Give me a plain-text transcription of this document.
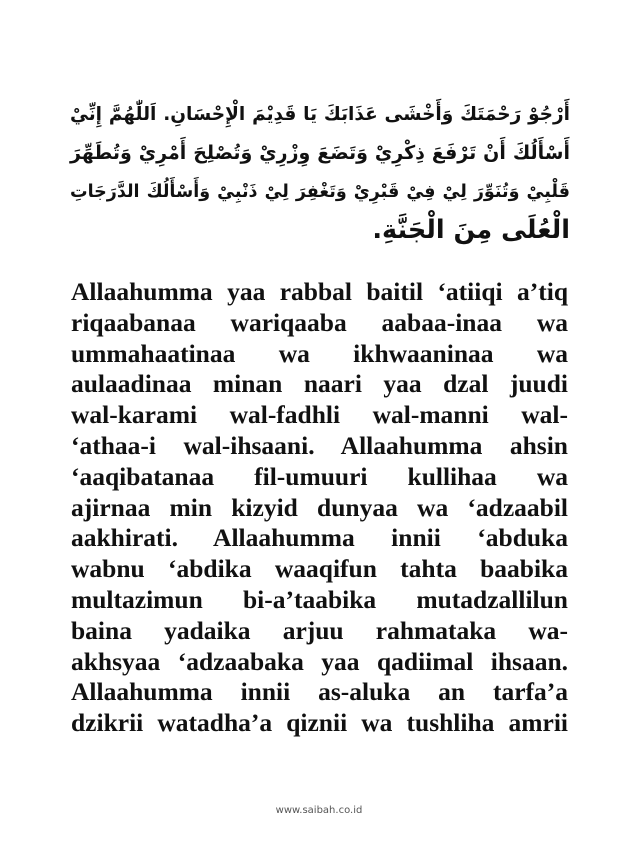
أَرْجُوْ رَحْمَتَكَ وَأَخْشَى عَذَابَكَ يَا قَدِيْمَ الْإِحْسَانِ. اَللّٰهُمَّ إِنِّيْ
أَسْأَلُكَ أَنْ تَرْفَعَ ذِكْرِيْ وَتَضَعَ وِزْرِيْ وَتُصْلِحَ أَمْرِيْ وَتُطَهِّرَ
قَلْبِيْ وَتُنَوِّرَ لِيْ فِيْ قَبْرِيْ وَتَغْفِرَ لِيْ ذَنْبِيْ وَأَسْأَلُكَ الدَّرَجَاتِ
الْعُلَى مِنَ الْجَنَّةِ.
Allaahumma yaa rabbal baitil ‘atiiqi a’tiq
riqaabanaa wariqaaba aabaa-inaa wa
ummahaatinaa wa ikhwaaninaa wa
aulaadinaa minan naari yaa dzal juudi
wal-karami wal-fadhli wal-manni wal-
‘athaa-i wal-ihsaani. Allaahumma ahsin
‘aaqibatanaa fil-umuuri kullihaa wa
ajirnaa min kizyid dunyaa wa ‘adzaabil
aakhirati. Allaahumma innii ‘abduka
wabnu ‘abdika waaqifun tahta baabika
multazimun bi-a’taabika mutadzallilun
baina yadaika arjuu rahmataka wa-
akhsyaa ‘adzaabaka yaa qadiimal ihsaan.
Allaahumma innii as-aluka an tarfa’a
dzikrii watadha’a qiznii wa tushliha amrii
www.saibah.co.id
